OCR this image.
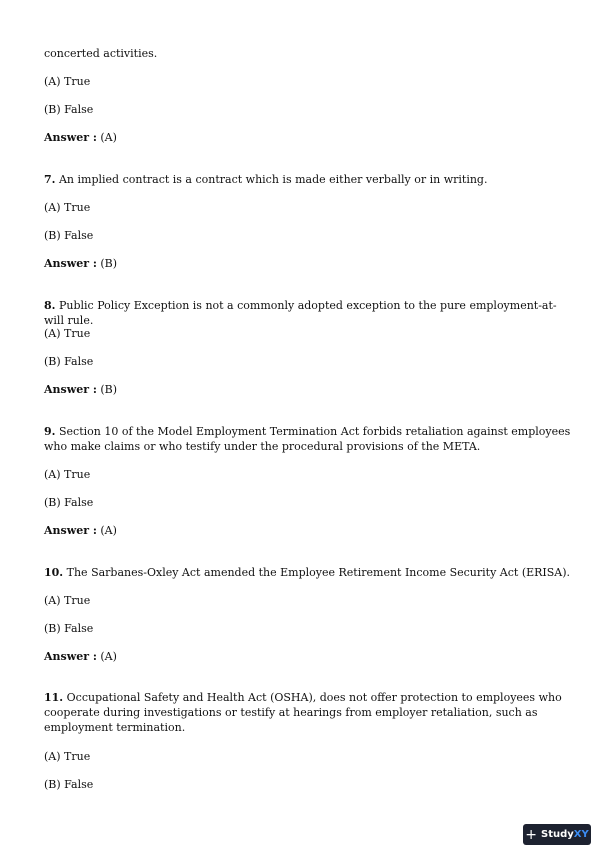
concerted activities.
(A) True
(B) False
Answer : (A)
7. An implied contract is a contract which is made either verbally or in writing.
(A) True
(B) False
Answer : (B)
8. Public Policy Exception is not a commonly adopted exception to the pure employment-at-will rule.
(A) True
(B) False
Answer : (B)
9. Section 10 of the Model Employment Termination Act forbids retaliation against employees who make claims or who testify under the procedural provisions of the META.
(A) True
(B) False
Answer : (A)
10. The Sarbanes-Oxley Act amended the Employee Retirement Income Security Act (ERISA).
(A) True
(B) False
Answer : (A)
11. Occupational Safety and Health Act (OSHA), does not offer protection to employees who cooperate during investigations or testify at hearings from employer retaliation, such as employment termination.
(A) True
(B) False
+ StudyXY
